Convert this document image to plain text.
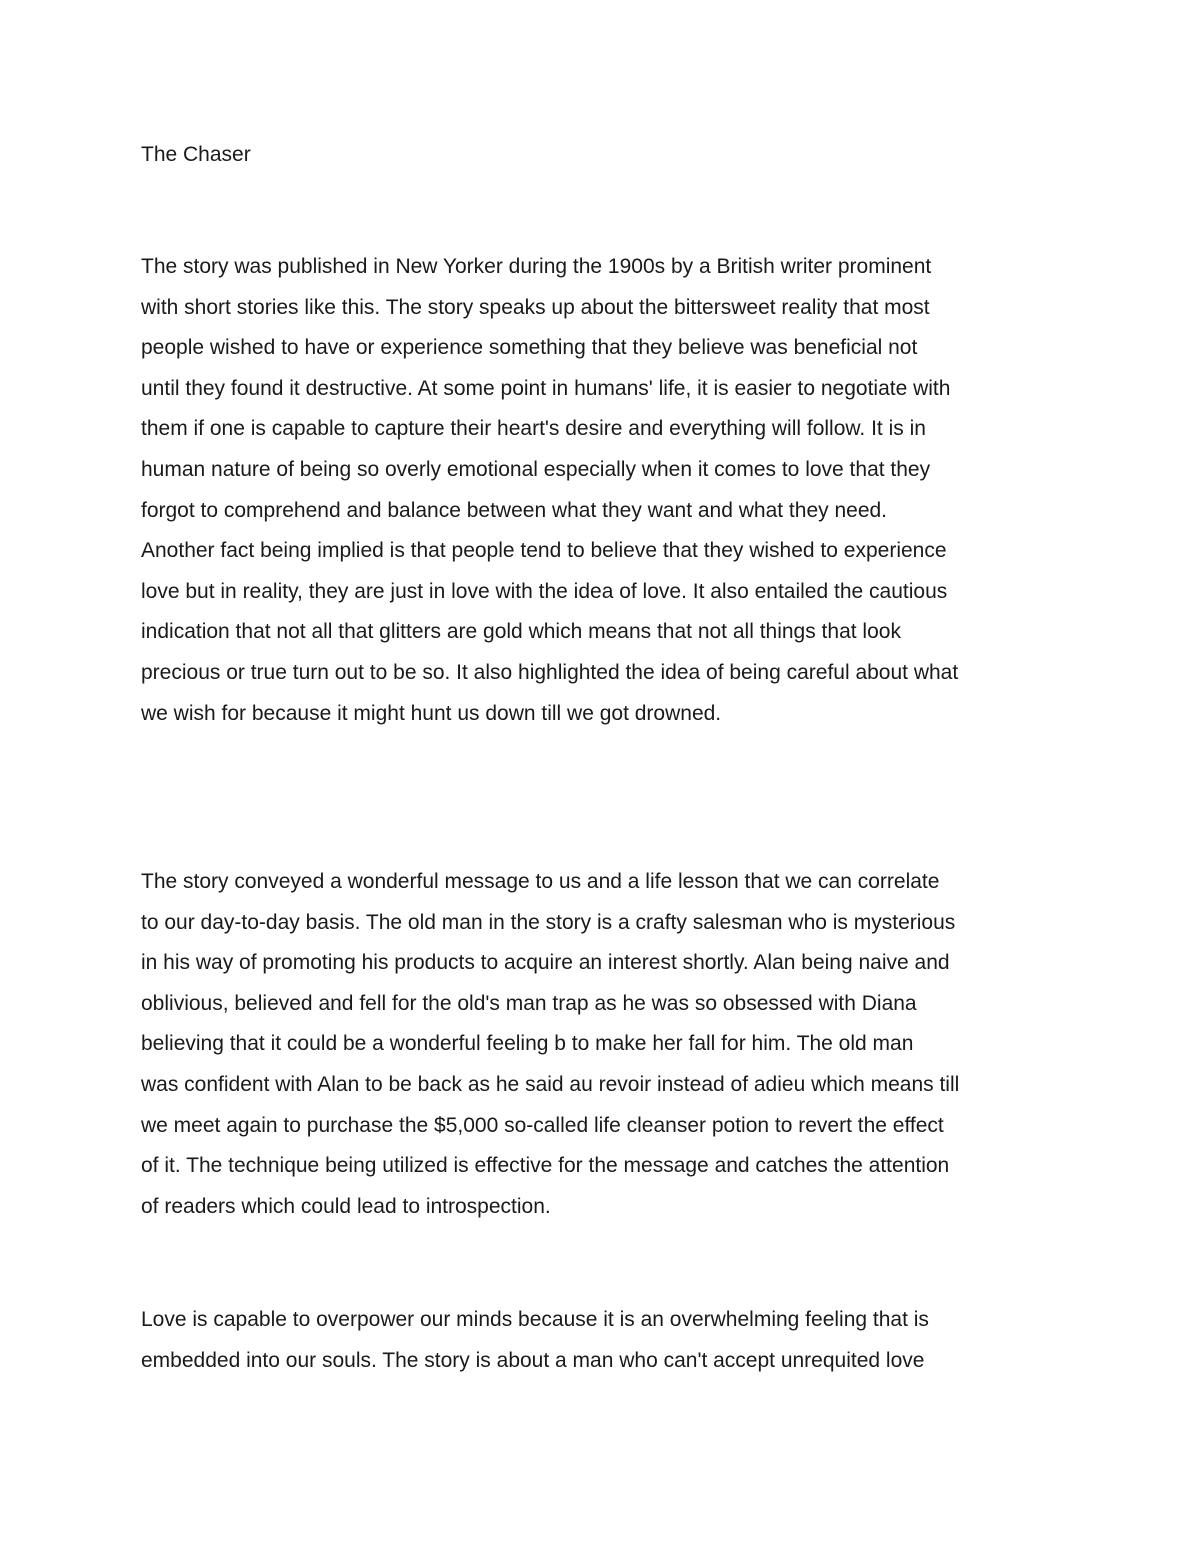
The Chaser
The story was published in New Yorker during the 1900s by a British writer prominent
with short stories like this. The story speaks up about the bittersweet reality that most
people wished to have or experience something that they believe was beneficial not
until they found it destructive. At some point in humans' life, it is easier to negotiate with
them if one is capable to capture their heart's desire and everything will follow. It is in
human nature of being so overly emotional especially when it comes to love that they
forgot to comprehend and balance between what they want and what they need.
Another fact being implied is that people tend to believe that they wished to experience
love but in reality, they are just in love with the idea of love. It also entailed the cautious
indication that not all that glitters are gold which means that not all things that look
precious or true turn out to be so. It also highlighted the idea of being careful about what
we wish for because it might hunt us down till we got drowned.
The story conveyed a wonderful message to us and a life lesson that we can correlate
to our day-to-day basis. The old man in the story is a crafty salesman who is mysterious
in his way of promoting his products to acquire an interest shortly. Alan being naive and
oblivious, believed and fell for the old's man trap as he was so obsessed with Diana
believing that it could be a wonderful feeling b to make her fall for him. The old man
was confident with Alan to be back as he said au revoir instead of adieu which means till
we meet again to purchase the $5,000 so-called life cleanser potion to revert the effect
of it. The technique being utilized is effective for the message and catches the attention
of readers which could lead to introspection.
Love is capable to overpower our minds because it is an overwhelming feeling that is
embedded into our souls. The story is about a man who can't accept unrequited love
